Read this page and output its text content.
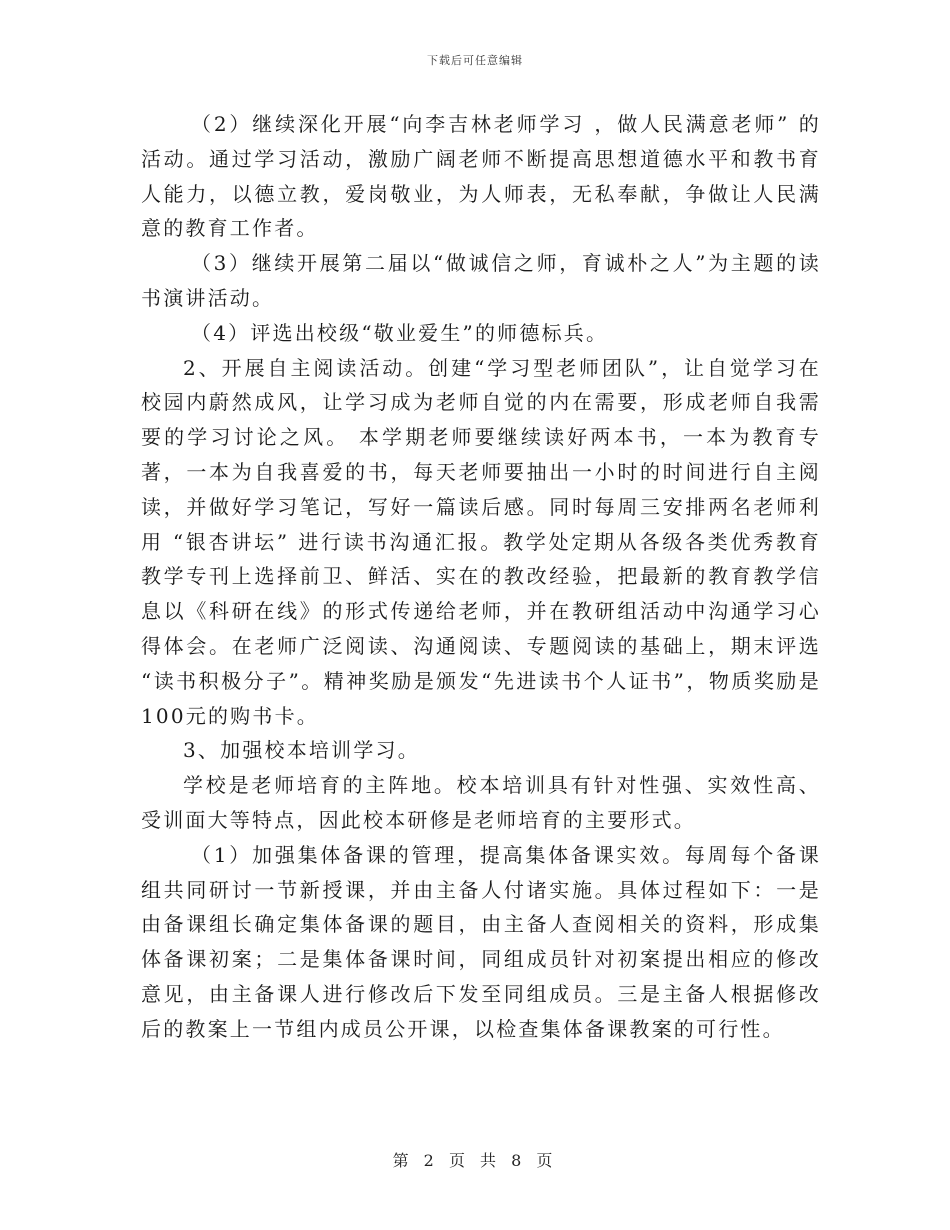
下载后可任意编辑

（2）继续深化开展“向李吉林老师学习 ，做人民满意老师” 的活动。通过学习活动，激励广阔老师不断提高思想道德水平和教书育人能力，以德立教，爱岗敬业，为人师表，无私奉献，争做让人民满意的教育工作者。

（3）继续开展第二届以“做诚信之师，育诚朴之人”为主题的读书演讲活动。

（4）评选出校级“敬业爱生”的师德标兵。

2、开展自主阅读活动。创建“学习型老师团队”，让自觉学习在校园内蔚然成风，让学习成为老师自觉的内在需要，形成老师自我需要的学习讨论之风。 本学期老师要继续读好两本书，一本为教育专著，一本为自我喜爱的书，每天老师要抽出一小时的时间进行自主阅读，并做好学习笔记，写好一篇读后感。同时每周三安排两名老师利用 “银杏讲坛” 进行读书沟通汇报。教学处定期从各级各类优秀教育教学专刊上选择前卫、鲜活、实在的教改经验，把最新的教育教学信息以《科研在线》的形式传递给老师，并在教研组活动中沟通学习心得体会。在老师广泛阅读、沟通阅读、专题阅读的基础上，期末评选 “读书积极分子”。精神奖励是颁发“先进读书个人证书”，物质奖励是100元的购书卡。

3、加强校本培训学习。

学校是老师培育的主阵地。校本培训具有针对性强、实效性高、受训面大等特点，因此校本研修是老师培育的主要形式。

（1）加强集体备课的管理，提高集体备课实效。每周每个备课组共同研讨一节新授课，并由主备人付诸实施。具体过程如下：一是由备课组长确定集体备课的题目，由主备人查阅相关的资料，形成集体备课初案；二是集体备课时间，同组成员针对初案提出相应的修改意见，由主备课人进行修改后下发至同组成员。三是主备人根据修改后的教案上一节组内成员公开课，以检查集体备课教案的可行性。

第 2 页 共 8 页
